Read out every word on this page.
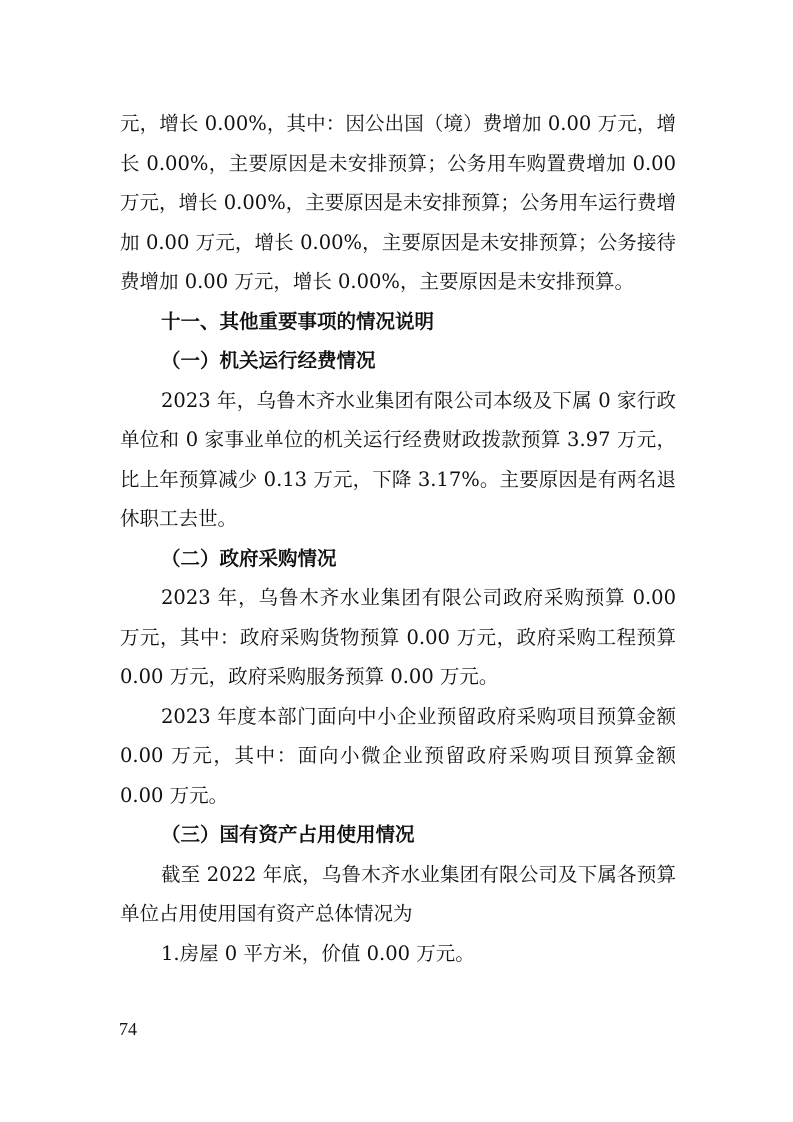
元，增长 0.00%，其中：因公出国（境）费增加 0.00 万元，增长 0.00%，主要原因是未安排预算；公务用车购置费增加 0.00 万元，增长 0.00%，主要原因是未安排预算；公务用车运行费增加 0.00 万元，增长 0.00%，主要原因是未安排预算；公务接待费增加 0.00 万元，增长 0.00%，主要原因是未安排预算。

十一、其他重要事项的情况说明

（一）机关运行经费情况

2023 年，乌鲁木齐水业集团有限公司本级及下属 0 家行政单位和 0 家事业单位的机关运行经费财政拨款预算 3.97 万元，比上年预算减少 0.13 万元，下降 3.17%。主要原因是有两名退休职工去世。

（二）政府采购情况

2023 年，乌鲁木齐水业集团有限公司政府采购预算 0.00 万元，其中：政府采购货物预算 0.00 万元，政府采购工程预算 0.00 万元，政府采购服务预算 0.00 万元。

2023 年度本部门面向中小企业预留政府采购项目预算金额 0.00 万元，其中：面向小微企业预留政府采购项目预算金额 0.00 万元。

（三）国有资产占用使用情况

截至 2022 年底，乌鲁木齐水业集团有限公司及下属各预算单位占用使用国有资产总体情况为

1.房屋 0 平方米，价值 0.00 万元。

74
